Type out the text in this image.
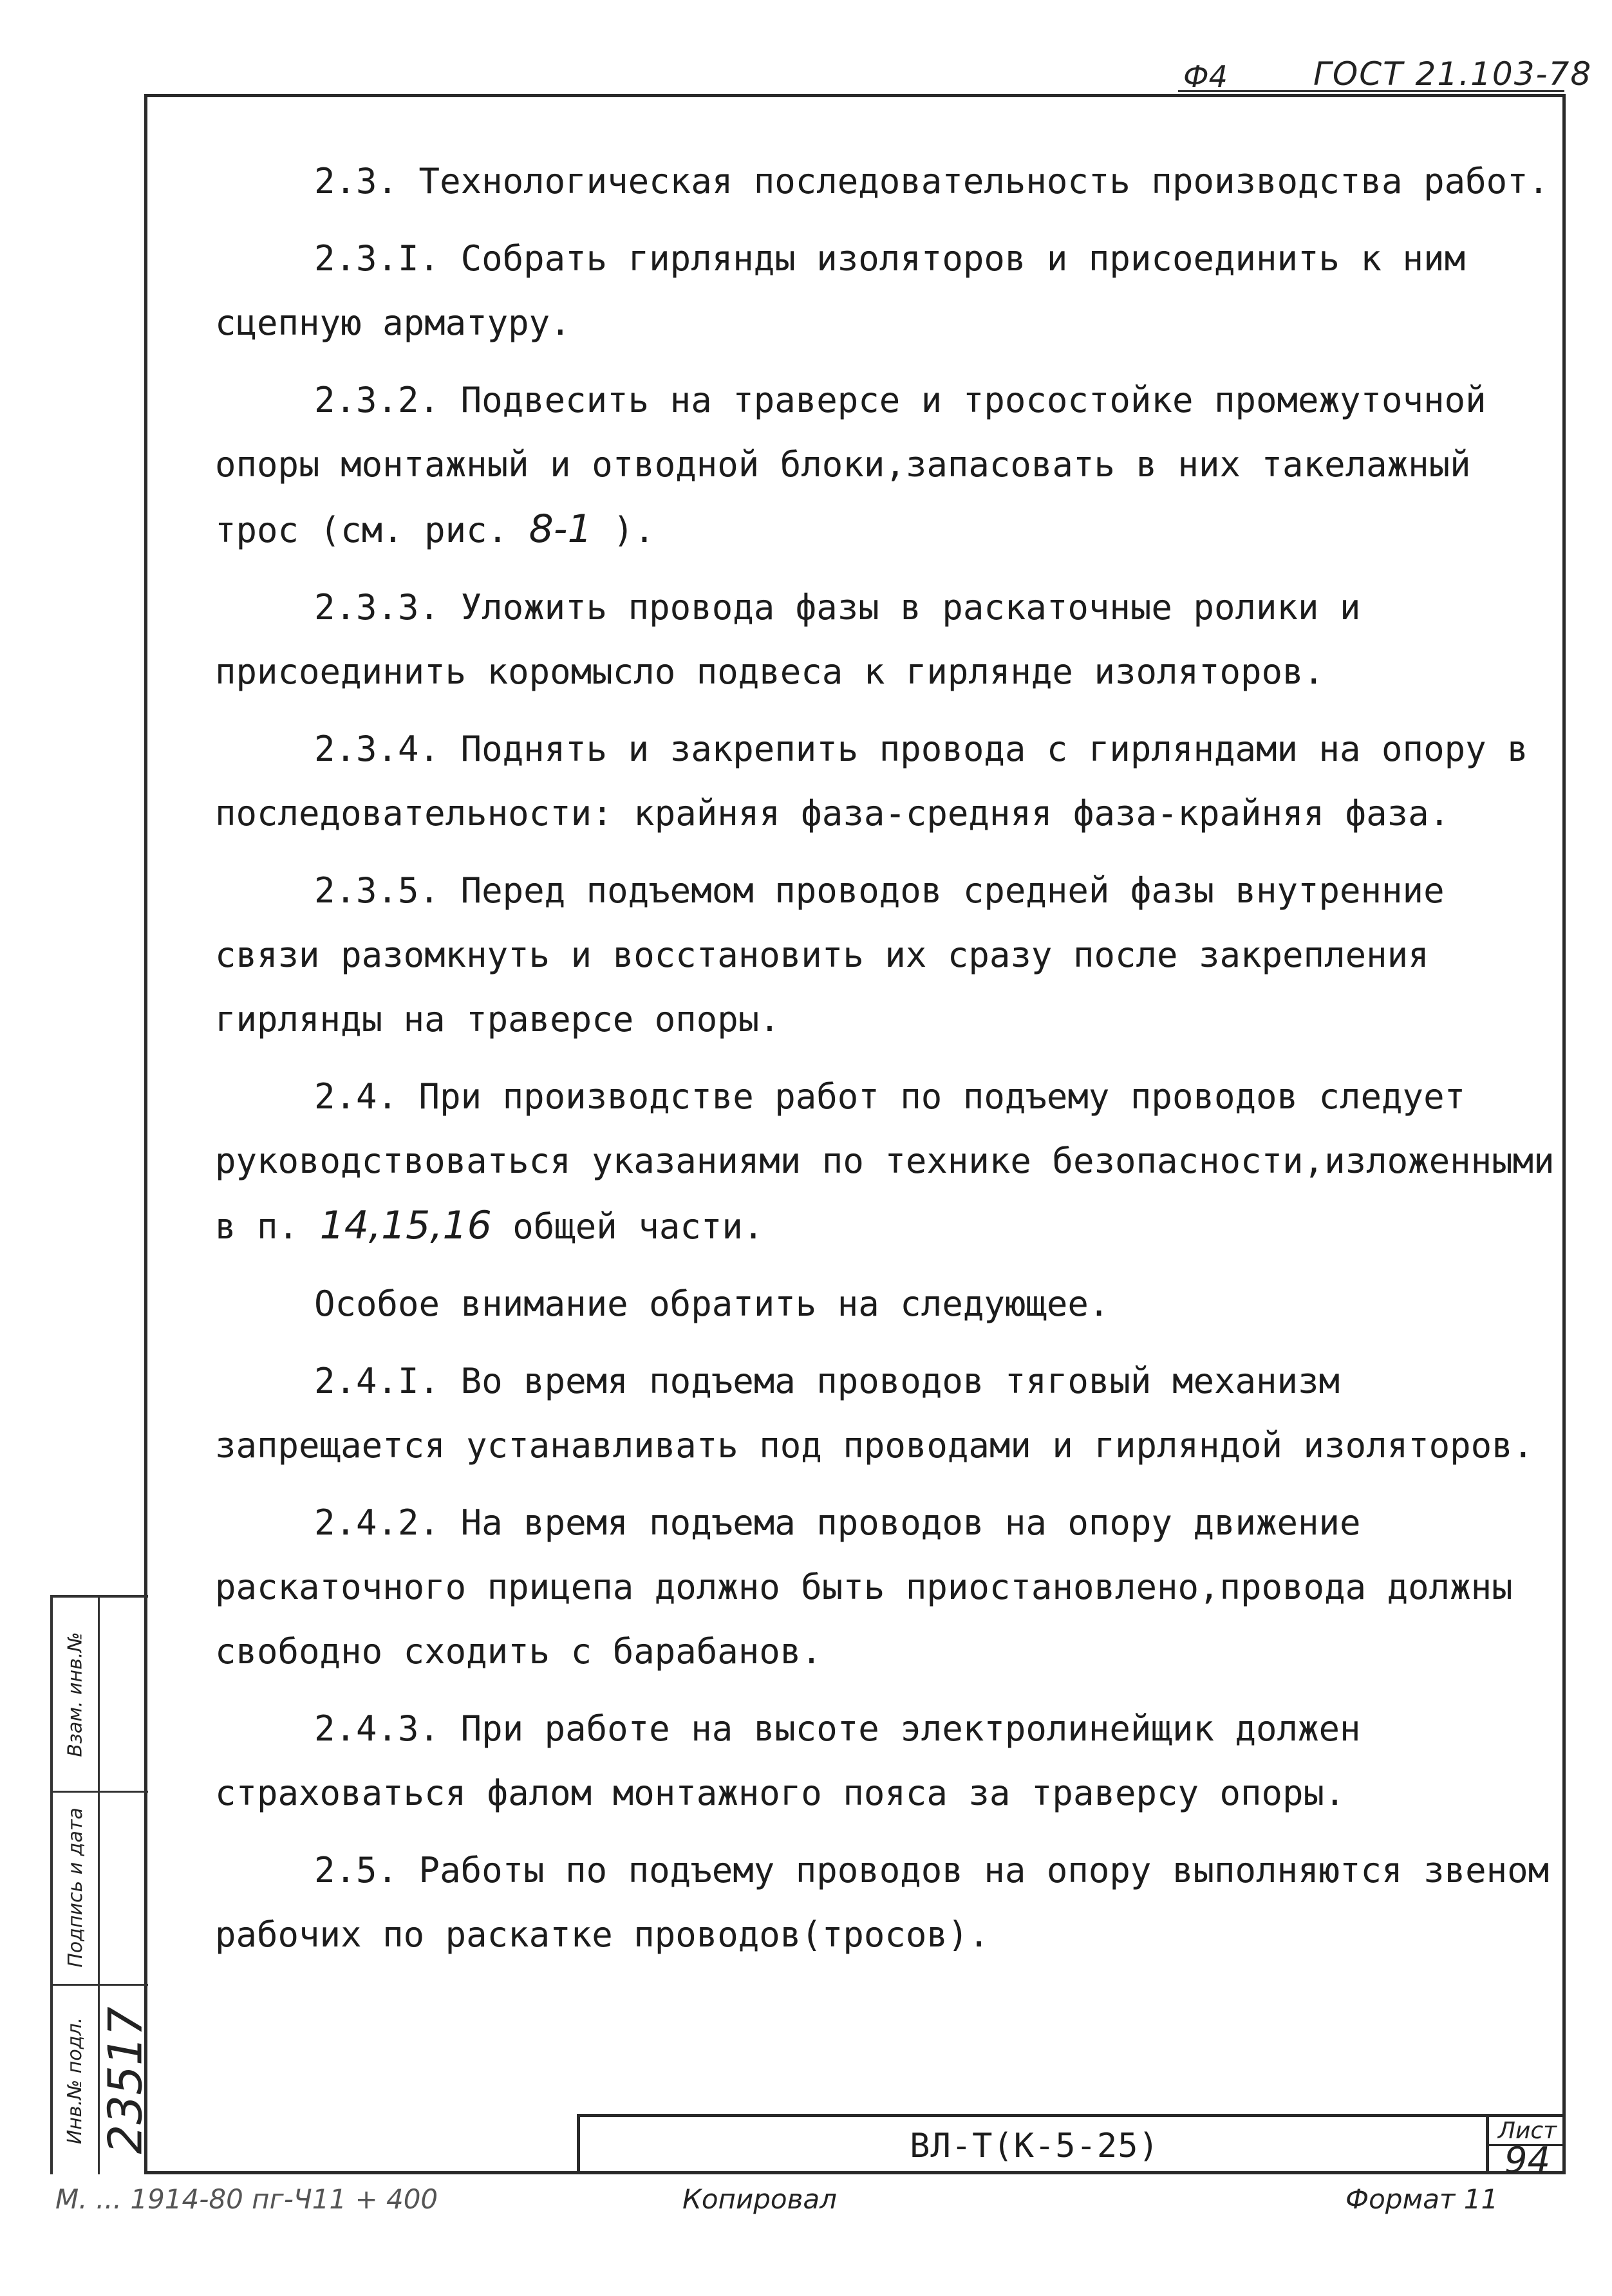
Ф4	ГОСТ 21.103-78

2.3. Технологическая последовательность производства работ.

2.3.I. Собрать гирлянды изоляторов и присоединить к ним сцепную арматуру.

2.3.2. Подвесить на траверсе и тросостойке промежуточной опоры монтажный и отводной блоки,запасовать в них такелажный трос (см. рис. 8-1 ).

2.3.3. Уложить провода фазы в раскаточные ролики и присоединить коромысло подвеса к гирлянде изоляторов.

2.3.4. Поднять и закрепить провода с гирляндами на опору в последовательности: крайняя фаза-средняя фаза-крайняя фаза.

2.3.5. Перед подъемом проводов средней фазы внутренние связи разомкнуть и восстановить их сразу после закрепления гирлянды на траверсе опоры.

2.4. При производстве работ по подъему проводов следует руководствоваться указаниями по технике безопасности,изложенными в п. 14,15,16 общей части.

Особое внимание обратить на следующее.

2.4.I. Во время подъема проводов тяговый механизм запрещается устанавливать под проводами и гирляндой изоляторов.

2.4.2. На время подъема проводов на опору движение раскаточного прицепа должно быть приостановлено,провода должны свободно сходить с барабанов.

2.4.3. При работе на высоте электролинейщик должен страховаться фалом монтажного пояса за траверсу опоры.

2.5. Работы по подъему проводов на опору выполняются звеном рабочих по раскатке проводов(тросов).

Взам. инв.№
Подпись и дата
Инв.№ подл. 23517	ВЛ-Т(К-5-25)	Лист
94
М. ... 1914-80 пг-Ч11 + 400	Копировал	Формат 11
